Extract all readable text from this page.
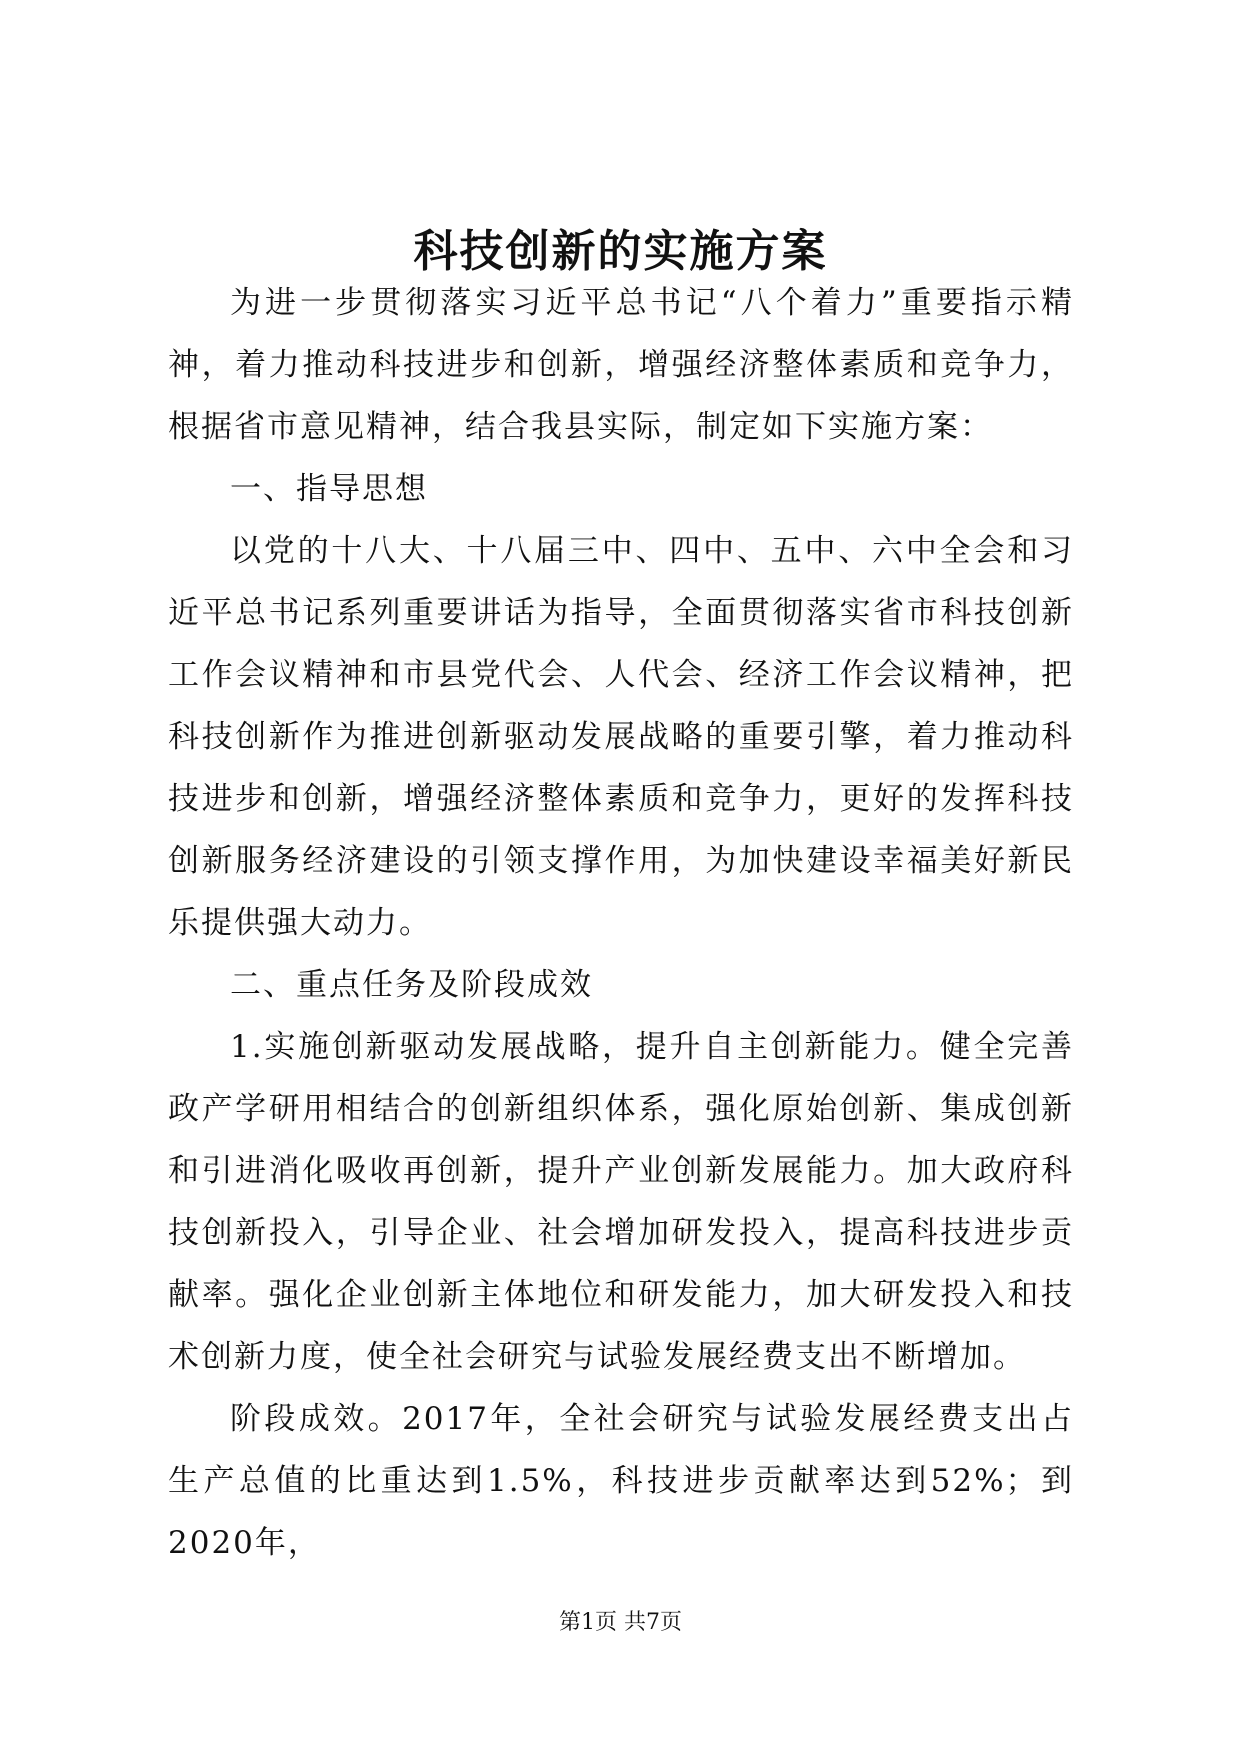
科技创新的实施方案

为进一步贯彻落实习近平总书记“八个着力”重要指示精神，着力推动科技进步和创新，增强经济整体素质和竞争力，根据省市意见精神，结合我县实际，制定如下实施方案：

一、指导思想

以党的十八大、十八届三中、四中、五中、六中全会和习近平总书记系列重要讲话为指导，全面贯彻落实省市科技创新工作会议精神和市县党代会、人代会、经济工作会议精神，把科技创新作为推进创新驱动发展战略的重要引擎，着力推动科技进步和创新，增强经济整体素质和竞争力，更好的发挥科技创新服务经济建设的引领支撑作用，为加快建设幸福美好新民乐提供强大动力。

二、重点任务及阶段成效

1.实施创新驱动发展战略，提升自主创新能力。健全完善政产学研用相结合的创新组织体系，强化原始创新、集成创新和引进消化吸收再创新，提升产业创新发展能力。加大政府科技创新投入，引导企业、社会增加研发投入，提高科技进步贡献率。强化企业创新主体地位和研发能力，加大研发投入和技术创新力度，使全社会研究与试验发展经费支出不断增加。

阶段成效。2017年，全社会研究与试验发展经费支出占生产总值的比重达到1.5%，科技进步贡献率达到52%；到2020年，

第1页 共7页
